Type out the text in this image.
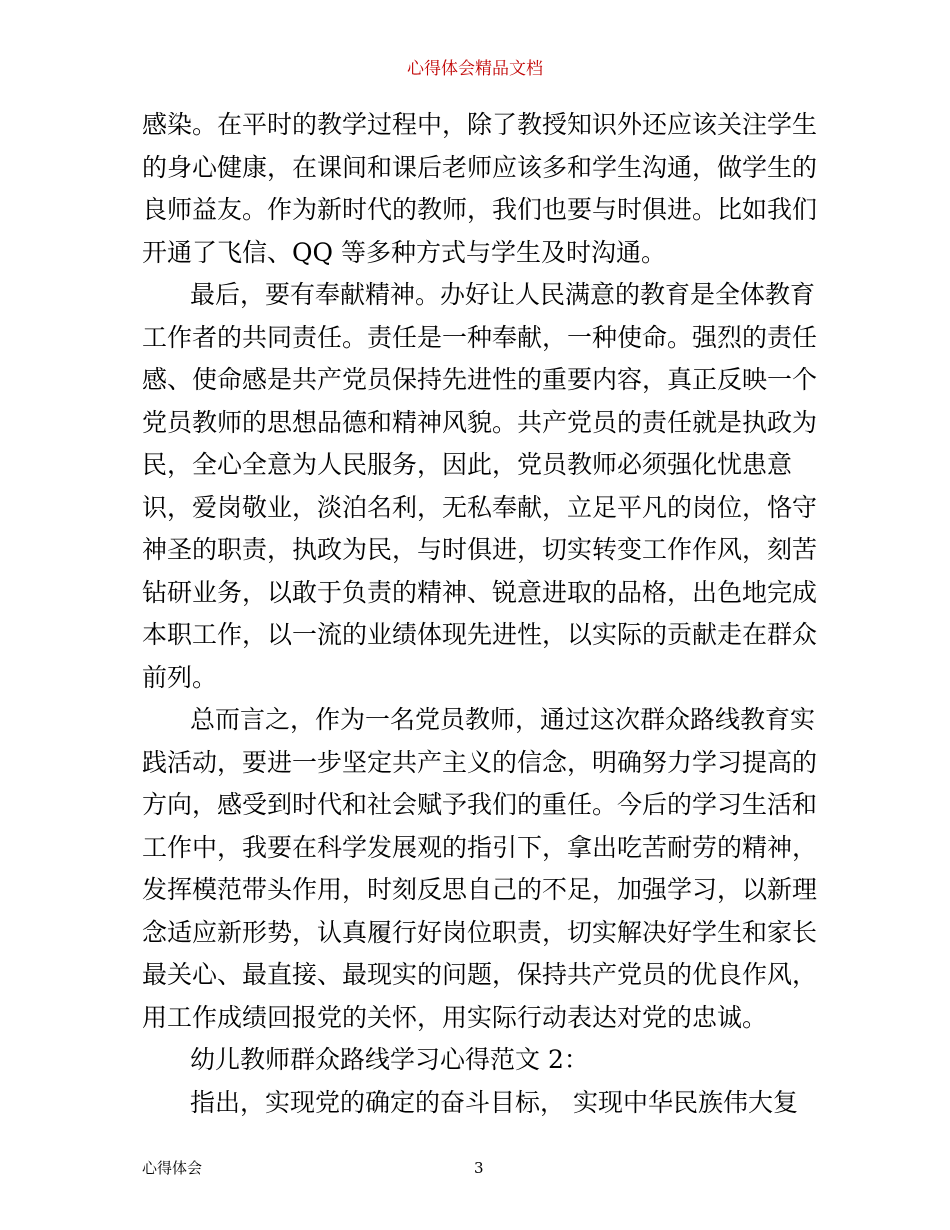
心得体会精品文档
感染。在平时的教学过程中，除了教授知识外还应该关注学生
的身心健康，在课间和课后老师应该多和学生沟通，做学生的
良师益友。作为新时代的教师，我们也要与时俱进。比如我们
开通了飞信、QQ 等多种方式与学生及时沟通。
最后，要有奉献精神。办好让人民满意的教育是全体教育
工作者的共同责任。责任是一种奉献，一种使命。强烈的责任
感、使命感是共产党员保持先进性的重要内容，真正反映一个
党员教师的思想品德和精神风貌。共产党员的责任就是执政为
民，全心全意为人民服务，因此，党员教师必须强化忧患意
识，爱岗敬业，淡泊名利，无私奉献，立足平凡的岗位，恪守
神圣的职责，执政为民，与时俱进，切实转变工作作风，刻苦
钻研业务，以敢于负责的精神、锐意进取的品格，出色地完成
本职工作，以一流的业绩体现先进性，以实际的贡献走在群众
前列。
总而言之，作为一名党员教师，通过这次群众路线教育实
践活动，要进一步坚定共产主义的信念，明确努力学习提高的
方向，感受到时代和社会赋予我们的重任。今后的学习生活和
工作中，我要在科学发展观的指引下，拿出吃苦耐劳的精神，
发挥模范带头作用，时刻反思自己的不足，加强学习，以新理
念适应新形势，认真履行好岗位职责，切实解决好学生和家长
最关心、最直接、最现实的问题，保持共产党员的优良作风，
用工作成绩回报党的关怀，用实际行动表达对党的忠诚。
幼儿教师群众路线学习心得范文 2：
指出，实现党的确定的奋斗目标， 实现中华民族伟大复
心得体会	3
